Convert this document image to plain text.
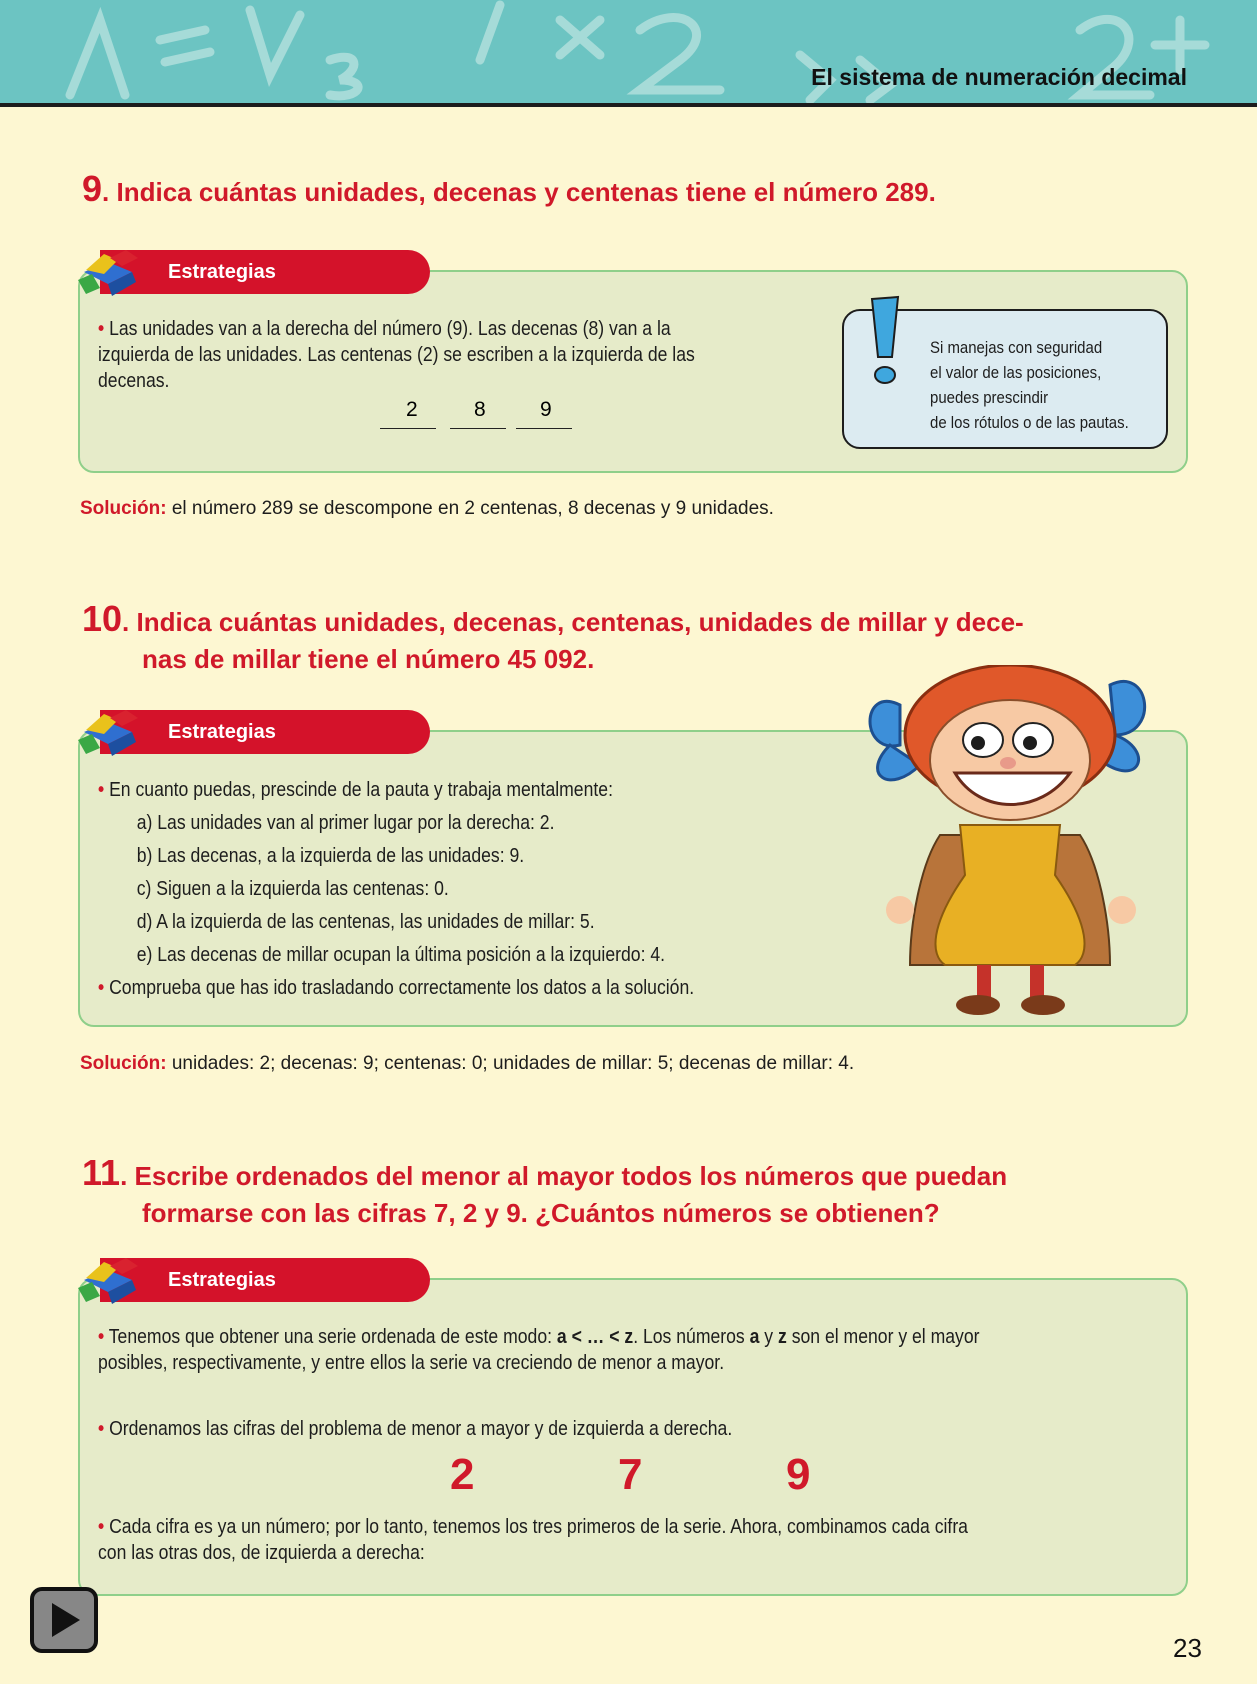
El sistema de numeración decimal
9. Indica cuántas unidades, decenas y centenas tiene el número 289.
• Las unidades van a la derecha del número (9). Las decenas (8) van a la
izquierda de las unidades. Las centenas (2) se escriben a la izquierda de las
decenas.
2	8	9
Estrategias
Si manejas con seguridad
el valor de las posiciones,
puedes prescindir
de los rótulos o de las pautas.
Solución: el número 289 se descompone en 2 centenas, 8 decenas y 9 unidades.
10. Indica cuántas unidades, decenas, centenas, unidades de millar y dece-
nas de millar tiene el número 45 092.
• En cuanto puedas, prescinde de la pauta y trabaja mentalmente:
a) Las unidades van al primer lugar por la derecha: 2.
b) Las decenas, a la izquierda de las unidades: 9.
c) Siguen a la izquierda las centenas: 0.
d) A la izquierda de las centenas, las unidades de millar: 5.
e) Las decenas de millar ocupan la última posición a la izquierdo: 4.
• Comprueba que has ido trasladando correctamente los datos a la solución.
Estrategias
Solución: unidades: 2; decenas: 9; centenas: 0; unidades de millar: 5; decenas de millar: 4.
11. Escribe ordenados del menor al mayor todos los números que puedan
formarse con las cifras 7, 2 y 9. ¿Cuántos números se obtienen?
• Tenemos que obtener una serie ordenada de este modo: a < … < z. Los números a y z son el menor y el mayor
posibles, respectivamente, y entre ellos la serie va creciendo de menor a mayor.
• Ordenamos las cifras del problema de menor a mayor y de izquierda a derecha.
• Cada cifra es ya un número; por lo tanto, tenemos los tres primeros de la serie. Ahora, combinamos cada cifra
con las otras dos, de izquierda a derecha:
Estrategias
2	7	9
23
